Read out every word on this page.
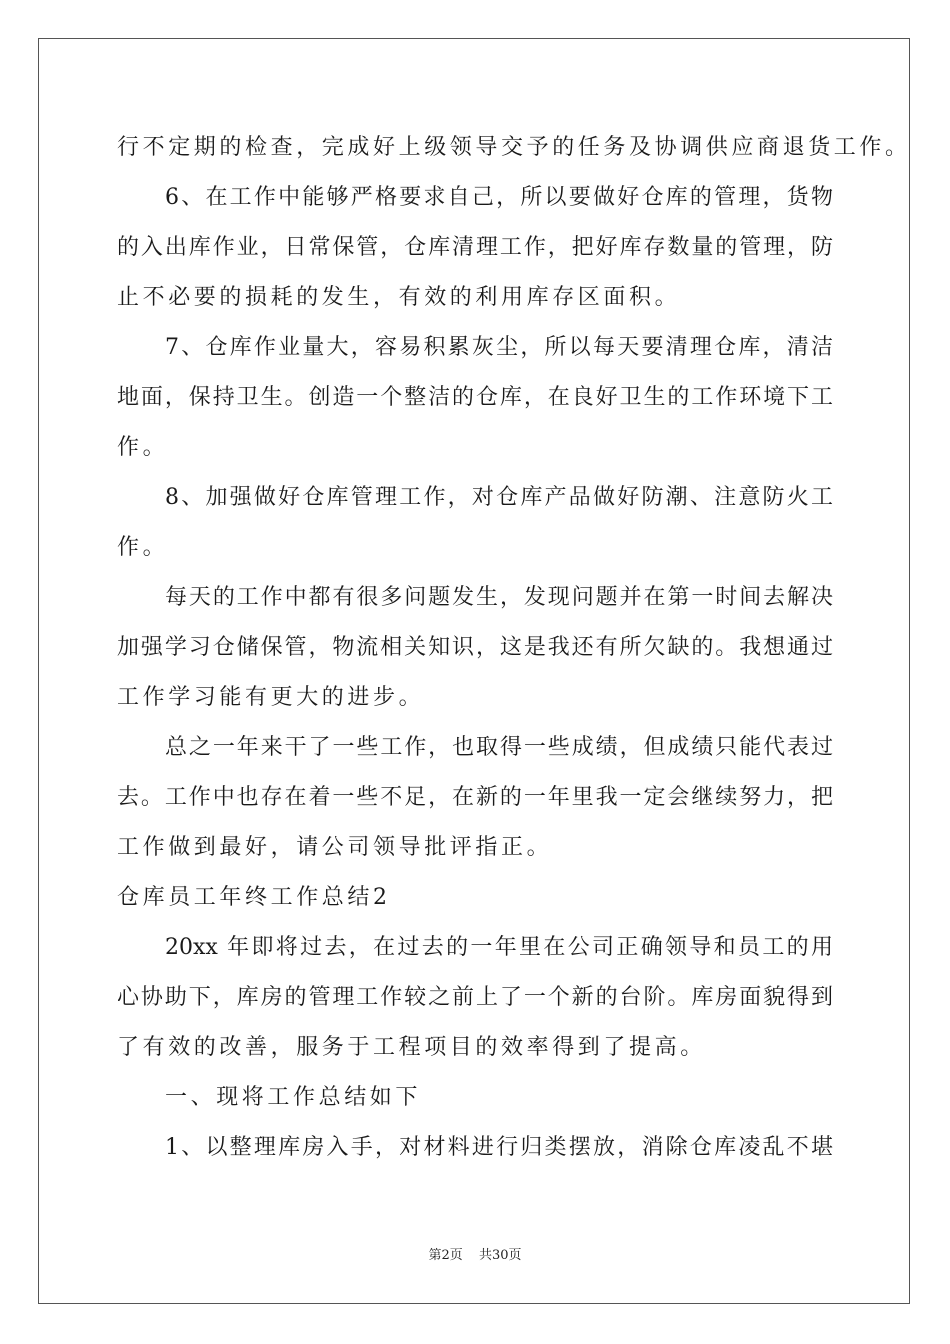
行不定期的检查，完成好上级领导交予的任务及协调供应商退货工作。
6、在工作中能够严格要求自己，所以要做好仓库的管理，货物
的入出库作业，日常保管，仓库清理工作，把好库存数量的管理，防
止不必要的损耗的发生，有效的利用库存区面积。
7、仓库作业量大，容易积累灰尘，所以每天要清理仓库，清洁
地面，保持卫生。创造一个整洁的仓库，在良好卫生的工作环境下工
作。
8、加强做好仓库管理工作，对仓库产品做好防潮、注意防火工
作。
每天的工作中都有很多问题发生，发现问题并在第一时间去解决
加强学习仓储保管，物流相关知识，这是我还有所欠缺的。我想通过
工作学习能有更大的进步。
总之一年来干了一些工作，也取得一些成绩，但成绩只能代表过
去。工作中也存在着一些不足，在新的一年里我一定会继续努力，把
工作做到最好，请公司领导批评指正。
仓库员工年终工作总结2
20xx 年即将过去，在过去的一年里在公司正确领导和员工的用
心协助下，库房的管理工作较之前上了一个新的台阶。库房面貌得到
了有效的改善，服务于工程项目的效率得到了提高。
一、现将工作总结如下
1、以整理库房入手，对材料进行归类摆放，消除仓库凌乱不堪
第2页 共30页
